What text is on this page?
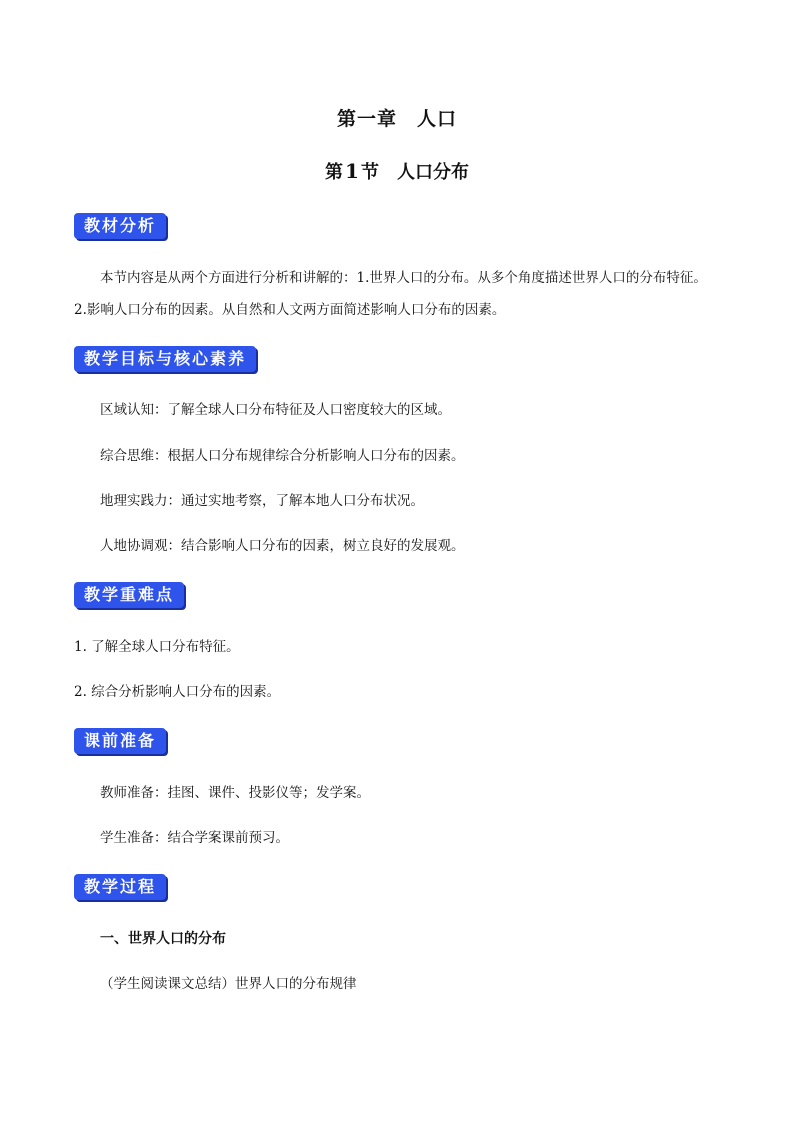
第一章　人口
第 1 节　人口分布
教材分析
本节内容是从两个方面进行分析和讲解的：1.世界人口的分布。从多个角度描述世界人口的分布特征。
2.影响人口分布的因素。从自然和人文两方面简述影响人口分布的因素。
教学目标与核心素养
区域认知：了解全球人口分布特征及人口密度较大的区域。
综合思维：根据人口分布规律综合分析影响人口分布的因素。
地理实践力：通过实地考察，了解本地人口分布状况。
人地协调观：结合影响人口分布的因素，树立良好的发展观。
教学重难点
1. 了解全球人口分布特征。
2. 综合分析影响人口分布的因素。
课前准备
教师准备：挂图、课件、投影仪等；发学案。
学生准备：结合学案课前预习。
教学过程
一、世界人口的分布
（学生阅读课文总结）世界人口的分布规律
